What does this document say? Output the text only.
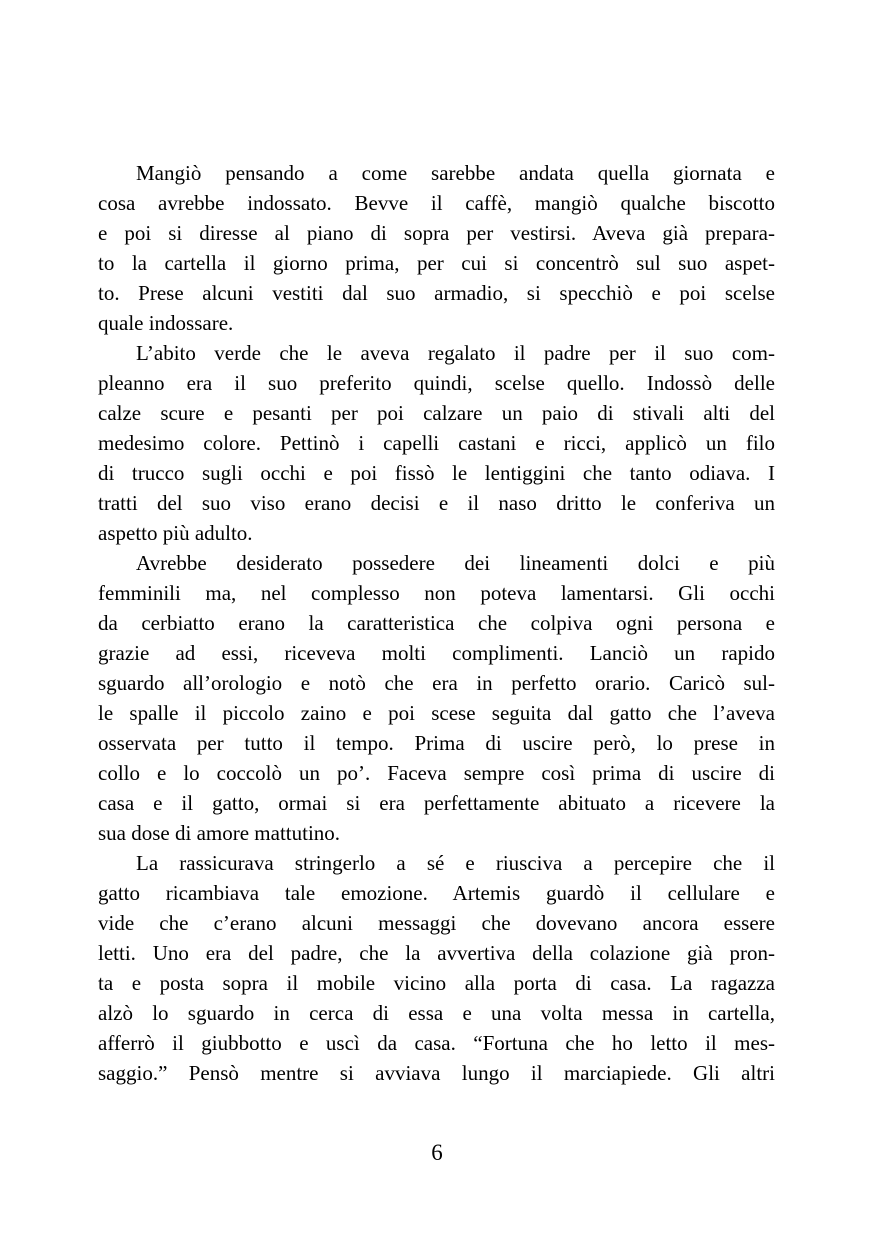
Mangiò pensando a come sarebbe andata quella giornata e
cosa avrebbe indossato. Bevve il caffè, mangiò qualche biscotto
e poi si diresse al piano di sopra per vestirsi. Aveva già prepara-
to la cartella il giorno prima, per cui si concentrò sul suo aspet-
to. Prese alcuni vestiti dal suo armadio, si specchiò e poi scelse
quale indossare.
L’abito verde che le aveva regalato il padre per il suo com-
pleanno era il suo preferito quindi, scelse quello. Indossò delle
calze scure e pesanti per poi calzare un paio di stivali alti del
medesimo colore. Pettinò i capelli castani e ricci, applicò un filo
di trucco sugli occhi e poi fissò le lentiggini che tanto odiava. I
tratti del suo viso erano decisi e il naso dritto le conferiva un
aspetto più adulto.
Avrebbe desiderato possedere dei lineamenti dolci e più
femminili ma, nel complesso non poteva lamentarsi. Gli occhi
da cerbiatto erano la caratteristica che colpiva ogni persona e
grazie ad essi, riceveva molti complimenti. Lanciò un rapido
sguardo all’orologio e notò che era in perfetto orario. Caricò sul-
le spalle il piccolo zaino e poi scese seguita dal gatto che l’aveva
osservata per tutto il tempo. Prima di uscire però, lo prese in
collo e lo coccolò un po’. Faceva sempre così prima di uscire di
casa e il gatto, ormai si era perfettamente abituato a ricevere la
sua dose di amore mattutino.
La rassicurava stringerlo a sé e riusciva a percepire che il
gatto ricambiava tale emozione. Artemis guardò il cellulare e
vide che c’erano alcuni messaggi che dovevano ancora essere
letti. Uno era del padre, che la avvertiva della colazione già pron-
ta e posta sopra il mobile vicino alla porta di casa. La ragazza
alzò lo sguardo in cerca di essa e una volta messa in cartella,
afferrò il giubbotto e uscì da casa. “Fortuna che ho letto il mes-
saggio.” Pensò mentre si avviava lungo il marciapiede. Gli altri
6
